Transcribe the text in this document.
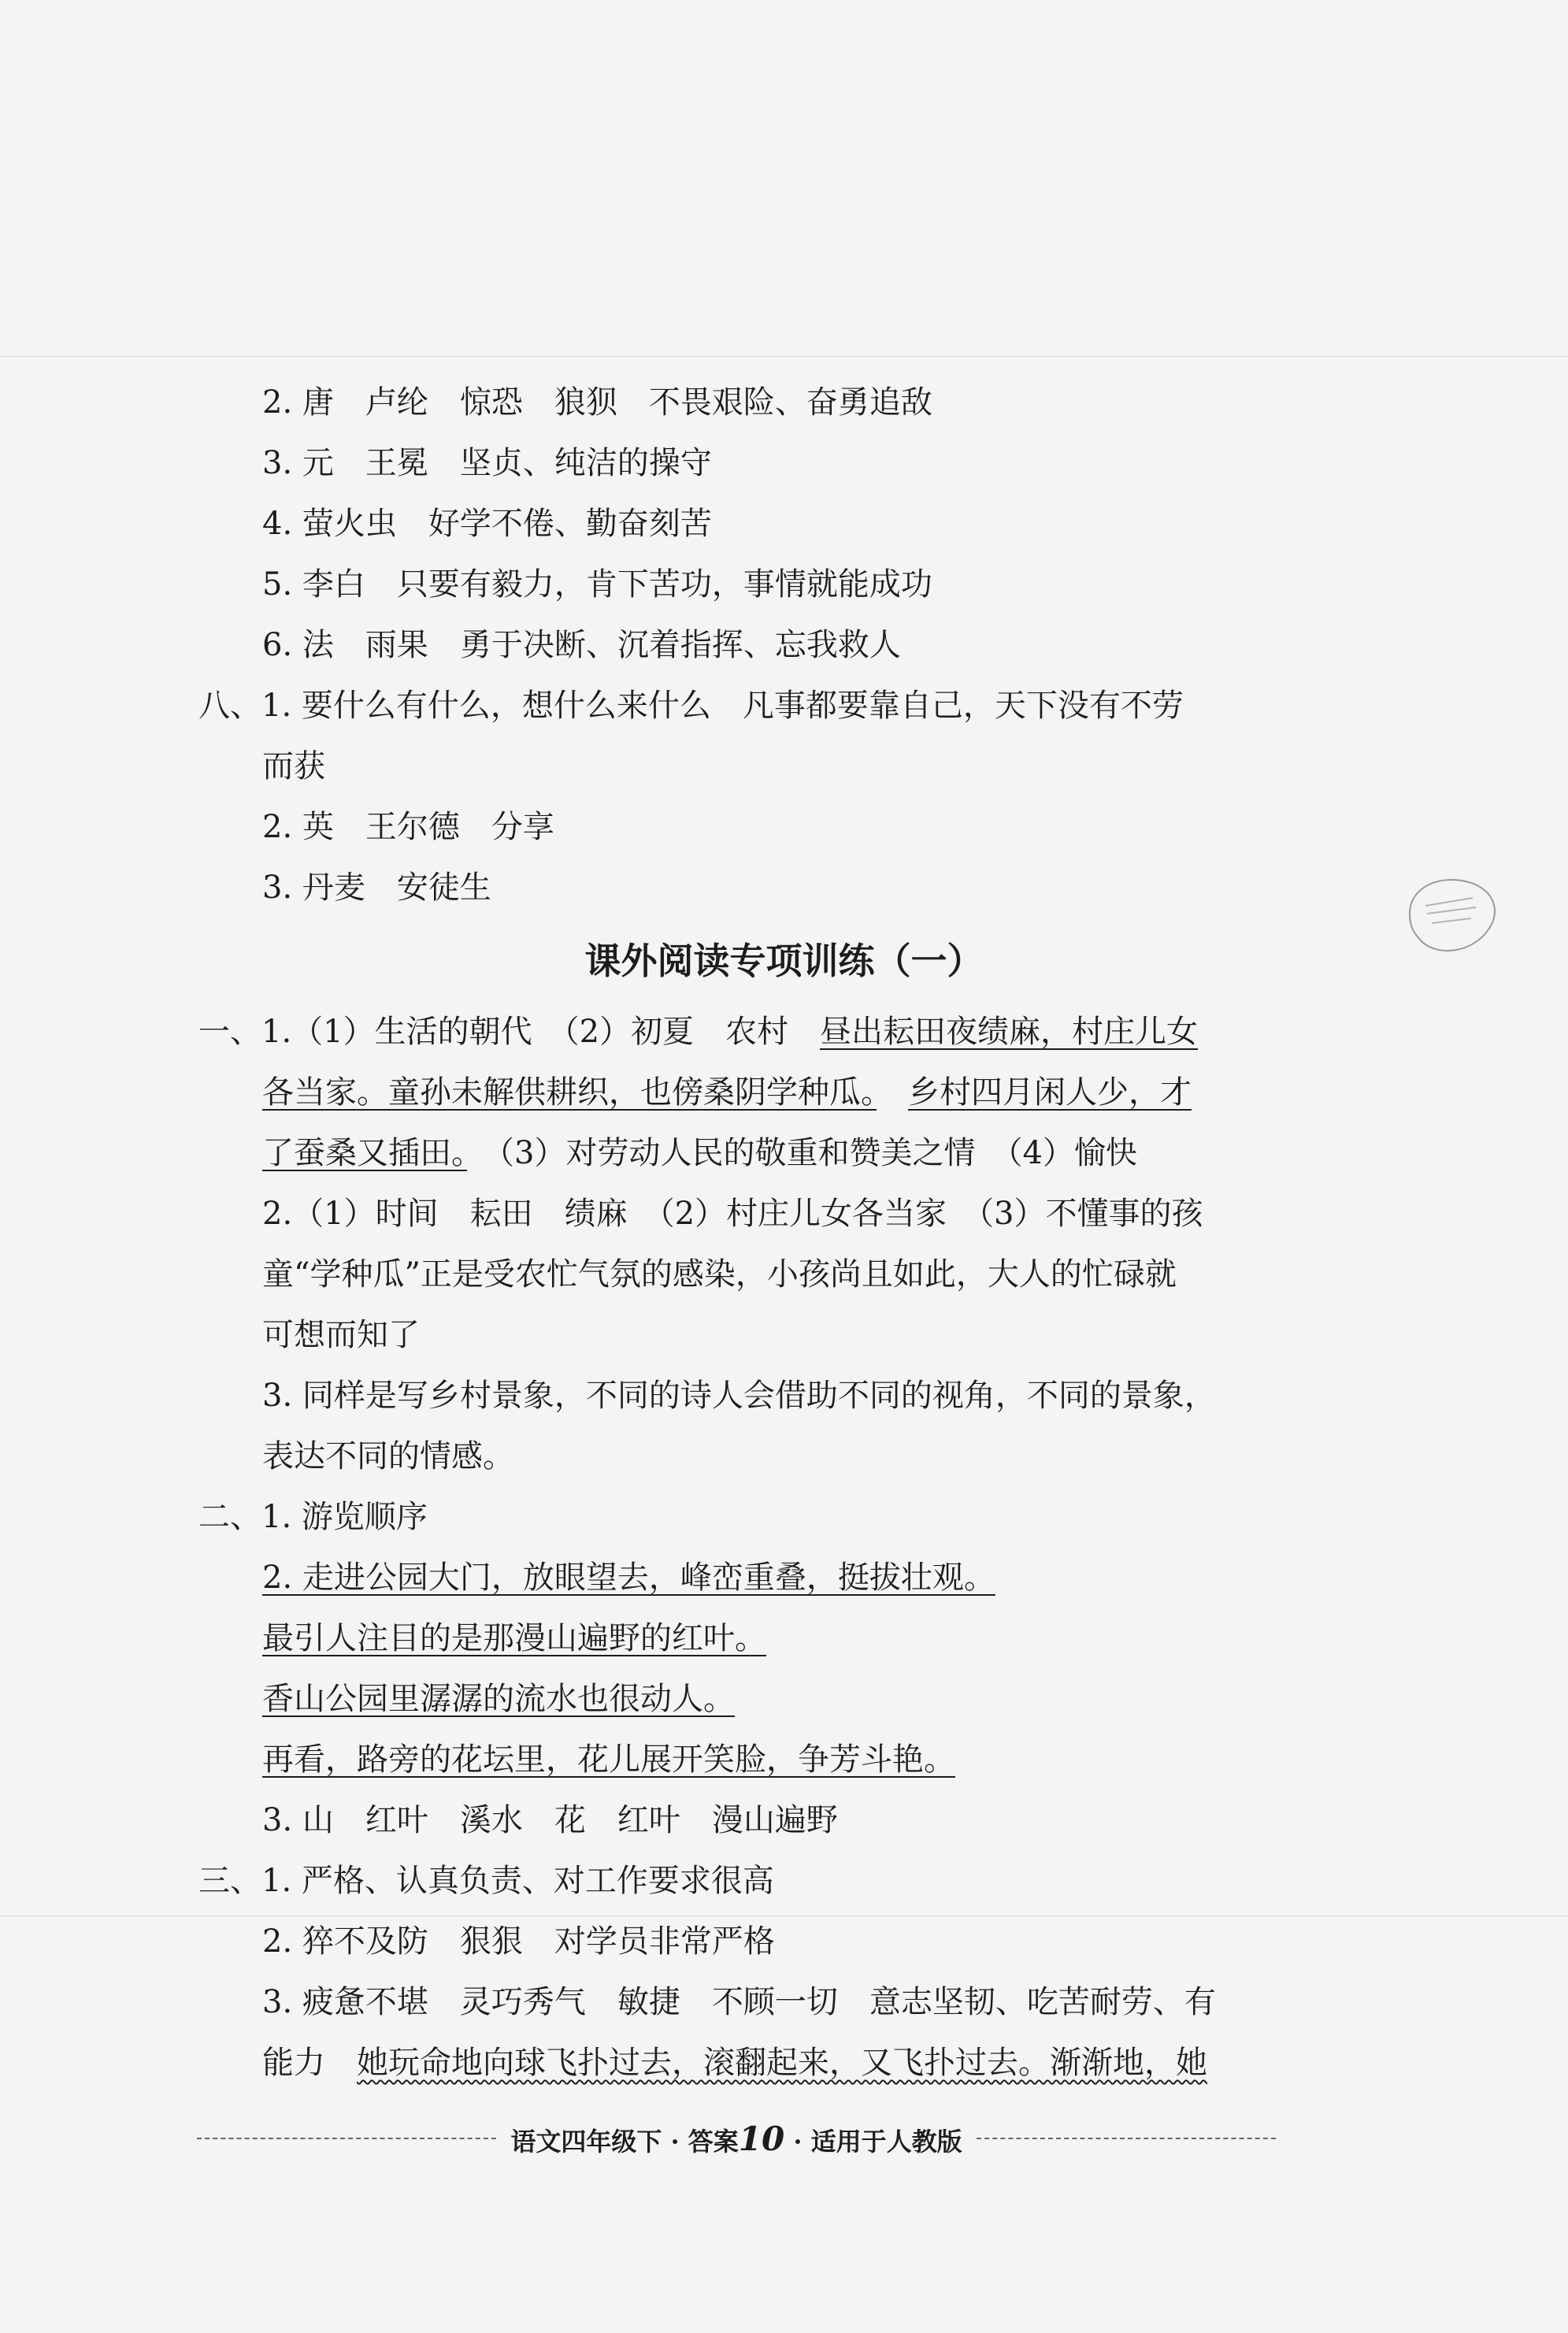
2. 唐　卢纶　惊恐　狼狈　不畏艰险、奋勇追敌
3. 元　王冕　坚贞、纯洁的操守
4. 萤火虫　好学不倦、勤奋刻苦
5. 李白　只要有毅力，肯下苦功，事情就能成功
6. 法　雨果　勇于决断、沉着指挥、忘我救人
八、1. 要什么有什么，想什么来什么　凡事都要靠自己，天下没有不劳
而获
2. 英　王尔德　分享
3. 丹麦　安徒生
课外阅读专项训练（一）
一、1.（1）生活的朝代　（2）初夏　农村　昼出耘田夜绩麻，村庄儿女
各当家。童孙未解供耕织，也傍桑阴学种瓜。　 乡村四月闲人少，才
了蚕桑又插田。　（3）对劳动人民的敬重和赞美之情　（4）愉快
2.（1）时间　耘田　绩麻　（2）村庄儿女各当家　（3）不懂事的孩
童“学种瓜”正是受农忙气氛的感染，小孩尚且如此，大人的忙碌就
可想而知了
3. 同样是写乡村景象，不同的诗人会借助不同的视角，不同的景象，
表达不同的情感。
二、1. 游览顺序
2. 走进公园大门，放眼望去，峰峦重叠，挺拔壮观。
最引人注目的是那漫山遍野的红叶。
香山公园里潺潺的流水也很动人。
再看，路旁的花坛里，花儿展开笑脸，争芳斗艳。
3. 山　红叶　溪水　花　红叶　漫山遍野
三、1. 严格、认真负责、对工作要求很高
2. 猝不及防　狠狠　对学员非常严格
3. 疲惫不堪　灵巧秀气　敏捷　不顾一切　意志坚韧、吃苦耐劳、有
能力　她玩命地向球飞扑过去，滚翻起来，又飞扑过去。渐渐地，她
语文四年级下 · 答案10 · 适用于人教版
